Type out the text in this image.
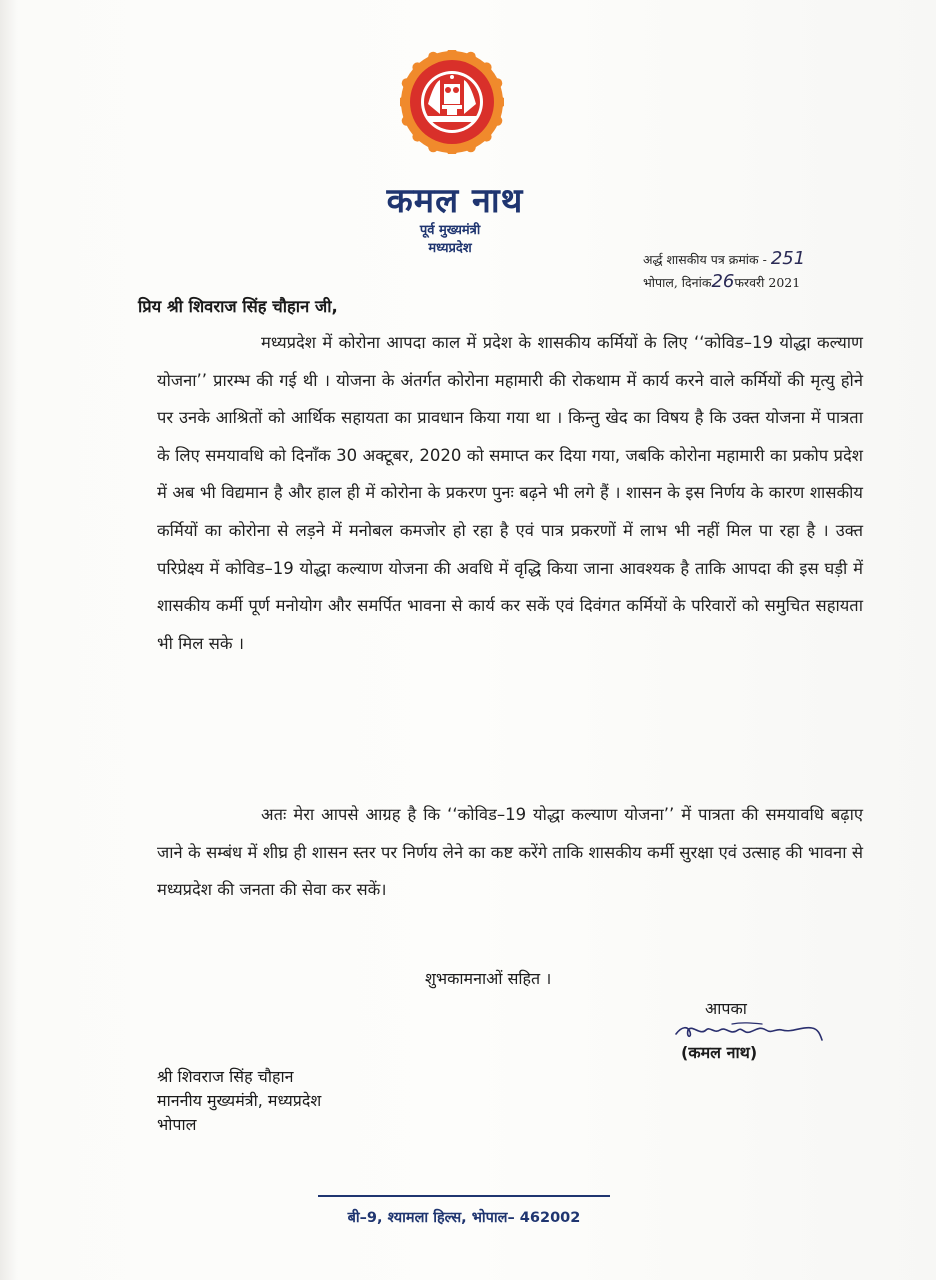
कमल नाथ
पूर्व मुख्यमंत्री
मध्यप्रदेश
अर्द्ध शासकीय पत्र क्रमांक - 251
भोपाल, दिनांक26फरवरी 2021
प्रिय श्री शिवराज सिंह चौहान जी,

मध्यप्रदेश में कोरोना आपदा काल में प्रदेश के शासकीय कर्मियों के लिए ‘‘कोविड–19 योद्धा कल्याण योजना’’ प्रारम्भ की गई थी । योजना के अंतर्गत कोरोना महामारी की रोकथाम में कार्य करने वाले कर्मियों की मृत्यु होने पर उनके आश्रितों को आर्थिक सहायता का प्रावधान किया गया था । किन्तु खेद का विषय है कि उक्त योजना में पात्रता के लिए समयावधि को दिनाँक 30 अक्टूबर, 2020 को समाप्त कर दिया गया, जबकि कोरोना महामारी का प्रकोप प्रदेश में अब भी विद्यमान है और हाल ही में कोरोना के प्रकरण पुनः बढ़ने भी लगे हैं । शासन के इस निर्णय के कारण शासकीय कर्मियों का कोरोना से लड़ने में मनोबल कमजोर हो रहा है एवं पात्र प्रकरणों में लाभ भी नहीं मिल पा रहा है । उक्त परिप्रेक्ष्य में कोविड–19 योद्धा कल्याण योजना की अवधि में वृद्धि किया जाना आवश्यक है ताकि आपदा की इस घड़ी में शासकीय कर्मी पूर्ण मनोयोग और समर्पित भावना से कार्य कर सकें एवं दिवंगत कर्मियों के परिवारों को समुचित सहायता भी मिल सके ।

अतः मेरा आपसे आग्रह है कि ‘‘कोविड–19 योद्धा कल्याण योजना’’ में पात्रता की समयावधि बढ़ाए जाने के सम्बंध में शीघ्र ही शासन स्तर पर निर्णय लेने का कष्ट करेंगे ताकि शासकीय कर्मी सुरक्षा एवं उत्साह की भावना से मध्यप्रदेश की जनता की सेवा कर सकें।

शुभकामनाओं सहित ।
आपका
(कमल नाथ)
श्री शिवराज सिंह चौहान
माननीय मुख्यमंत्री, मध्यप्रदेश
भोपाल
बी–9, श्यामला हिल्स, भोपाल– 462002
